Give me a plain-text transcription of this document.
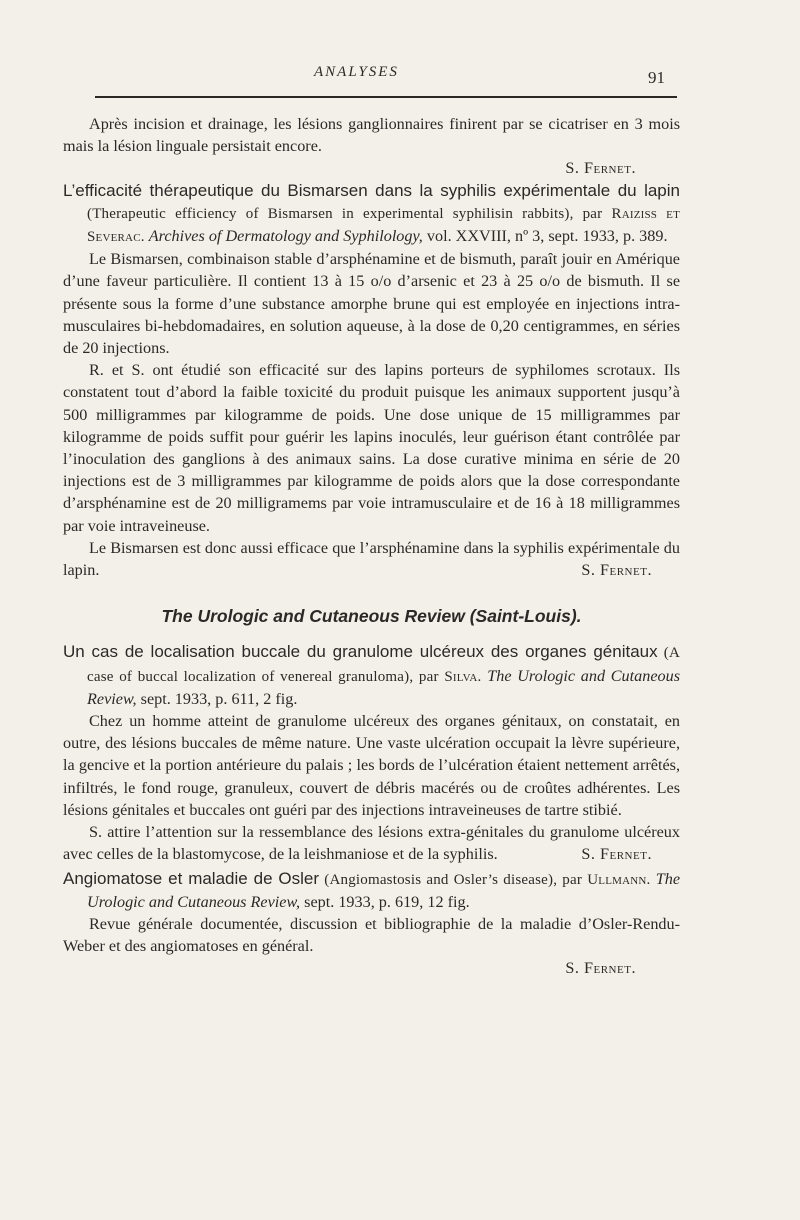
ANALYSES	91

Après incision et drainage, les lésions ganglionnaires finirent par se cicatriser en 3 mois mais la lésion linguale persistait encore.

S. Fernet.

L’efficacité thérapeutique du Bismarsen dans la syphilis expérimentale du lapin (Therapeutic efficiency of Bismarsen in experimental syphilisin rabbits), par Raiziss et Severac. Archives of Dermatology and Syphilology, vol. XXVIII, nº 3, sept. 1933, p. 389.

Le Bismarsen, combinaison stable d’arsphénamine et de bismuth, paraît jouir en Amérique d’une faveur particulière. Il contient 13 à 15 o/o d’arsenic et 23 à 25 o/o de bismuth. Il se présente sous la forme d’une substance amorphe brune qui est employée en injections intra-musculaires bi-hebdomadaires, en solution aqueuse, à la dose de 0,20 centigrammes, en séries de 20 injections.

R. et S. ont étudié son efficacité sur des lapins porteurs de syphilomes scrotaux. Ils constatent tout d’abord la faible toxicité du produit puisque les animaux supportent jusqu’à 500 milligrammes par kilogramme de poids. Une dose unique de 15 milligrammes par kilogramme de poids suffit pour guérir les lapins inoculés, leur guérison étant contrôlée par l’inoculation des ganglions à des animaux sains. La dose curative minima en série de 20 injections est de 3 milligrammes par kilogramme de poids alors que la dose correspondante d’arsphénamine est de 20 milligramems par voie intramusculaire et de 16 à 18 milligrammes par voie intraveineuse.

Le Bismarsen est donc aussi efficace que l’arsphénamine dans la syphilis expérimentale du lapin.	S. Fernet.

The Urologic and Cutaneous Review (Saint-Louis).

Un cas de localisation buccale du granulome ulcéreux des organes génitaux (A case of buccal localization of venereal granuloma), par Silva. The Urologic and Cutaneous Review, sept. 1933, p. 611, 2 fig.

Chez un homme atteint de granulome ulcéreux des organes génitaux, on constatait, en outre, des lésions buccales de même nature. Une vaste ulcération occupait la lèvre supérieure, la gencive et la portion antérieure du palais ; les bords de l’ulcération étaient nettement arrêtés, infiltrés, le fond rouge, granuleux, couvert de débris macérés ou de croûtes adhérentes. Les lésions génitales et buccales ont guéri par des injections intraveineuses de tartre stibié.

S. attire l’attention sur la ressemblance des lésions extra-génitales du granulome ulcéreux avec celles de la blastomycose, de la leishmaniose et de la syphilis.	S. Fernet.

Angiomatose et maladie de Osler (Angiomastosis and Osler’s disease), par Ullmann. The Urologic and Cutaneous Review, sept. 1933, p. 619, 12 fig.

Revue générale documentée, discussion et bibliographie de la maladie d’Osler-Rendu-Weber et des angiomatoses en général.

S. Fernet.
